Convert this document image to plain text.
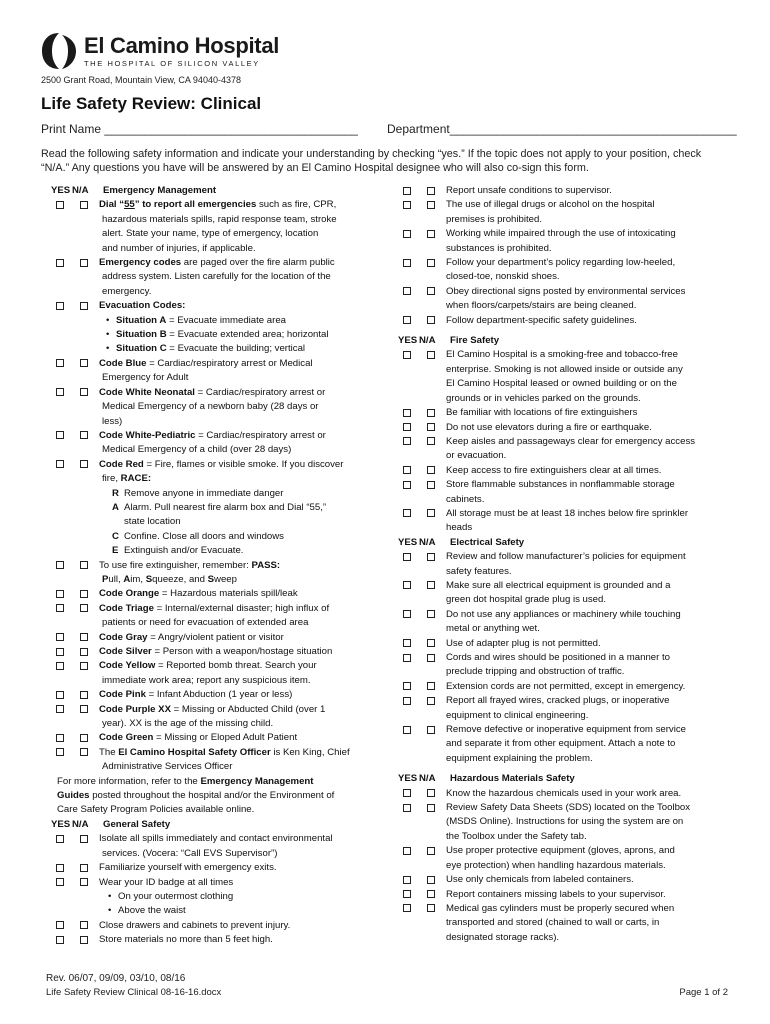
El Camino Hospital
THE HOSPITAL OF SILICON VALLEY
2500 Grant Road, Mountain View, CA 94040-4378
Life Safety Review: Clinical
Print Name ______________________________________ Department___________________________________________
Read the following safety information and indicate your understanding by checking “yes.” If the topic does not apply to your position, check “N/A.” Any questions you have will be answered by an El Camino Hospital designee who will also co-sign this form.
YES N/A	Emergency Management
Dial “55” to report all emergencies such as fire, CPR,
hazardous materials spills, rapid response team, stroke
alert. State your name, type of emergency, location
and number of injuries, if applicable.
Emergency codes are paged over the fire alarm public
address system. Listen carefully for the location of the
emergency.
Evacuation Codes:
• Situation A = Evacuate immediate area
• Situation B = Evacuate extended area; horizontal
• Situation C = Evacuate the building; vertical
Code Blue = Cardiac/respiratory arrest or Medical
Emergency for Adult
Code White Neonatal = Cardiac/respiratory arrest or
Medical Emergency of a newborn baby (28 days or
less)
Code White-Pediatric = Cardiac/respiratory arrest or
Medical Emergency of a child (over 28 days)
Code Red = Fire, flames or visible smoke. If you discover
fire, RACE:
R Remove anyone in immediate danger
A Alarm. Pull nearest fire alarm box and Dial “55,”
state location
C Confine. Close all doors and windows
E Extinguish and/or Evacuate.
To use fire extinguisher, remember: PASS:
Pull, Aim, Squeeze, and Sweep
Code Orange = Hazardous materials spill/leak
Code Triage = Internal/external disaster; high influx of
patients or need for evacuation of extended area
Code Gray = Angry/violent patient or visitor
Code Silver = Person with a weapon/hostage situation
Code Yellow = Reported bomb threat. Search your
immediate work area; report any suspicious item.
Code Pink = Infant Abduction (1 year or less)
Code Purple XX = Missing or Abducted Child (over 1
year). XX is the age of the missing child.
Code Green = Missing or Eloped Adult Patient
The El Camino Hospital Safety Officer is Ken King, Chief
Administrative Services Officer
For more information, refer to the Emergency Management
Guides posted throughout the hospital and/or the Environment of
Care Safety Program Policies available online.
YES N/A	General Safety
Isolate all spills immediately and contact environmental
services. (Vocera: “Call EVS Supervisor”)
Familiarize yourself with emergency exits.
Wear your ID badge at all times
• On your outermost clothing
• Above the waist
Close drawers and cabinets to prevent injury.
Store materials no more than 5 feet high.
Report unsafe conditions to supervisor.
The use of illegal drugs or alcohol on the hospital
premises is prohibited.
Working while impaired through the use of intoxicating
substances is prohibited.
Follow your department’s policy regarding low-heeled,
closed-toe, nonskid shoes.
Obey directional signs posted by environmental services
when floors/carpets/stairs are being cleaned.
Follow department-specific safety guidelines.
YES N/A	Fire Safety
El Camino Hospital is a smoking-free and tobacco-free
enterprise. Smoking is not allowed inside or outside any
El Camino Hospital leased or owned building or on the
grounds or in vehicles parked on the grounds.
Be familiar with locations of fire extinguishers
Do not use elevators during a fire or earthquake.
Keep aisles and passageways clear for emergency access
or evacuation.
Keep access to fire extinguishers clear at all times.
Store flammable substances in nonflammable storage
cabinets.
All storage must be at least 18 inches below fire sprinkler
heads
YES N/A	Electrical Safety
Review and follow manufacturer’s policies for equipment
safety features.
Make sure all electrical equipment is grounded and a
green dot hospital grade plug is used.
Do not use any appliances or machinery while touching
metal or anything wet.
Use of adapter plug is not permitted.
Cords and wires should be positioned in a manner to
preclude tripping and obstruction of traffic.
Extension cords are not permitted, except in emergency.
Report all frayed wires, cracked plugs, or inoperative
equipment to clinical engineering.
Remove defective or inoperative equipment from service
and separate it from other equipment. Attach a note to
equipment explaining the problem.
YES N/A	Hazardous Materials Safety
Know the hazardous chemicals used in your work area.
Review Safety Data Sheets (SDS) located on the Toolbox
(MSDS Online). Instructions for using the system are on
the Toolbox under the Safety tab.
Use proper protective equipment (gloves, aprons, and
eye protection) when handling hazardous materials.
Use only chemicals from labeled containers.
Report containers missing labels to your supervisor.
Medical gas cylinders must be properly secured when
transported and stored (chained to wall or carts, in
designated storage racks).
Rev. 06/07, 09/09, 03/10, 08/16
Life Safety Review Clinical 08-16-16.docx	Page 1 of 2
